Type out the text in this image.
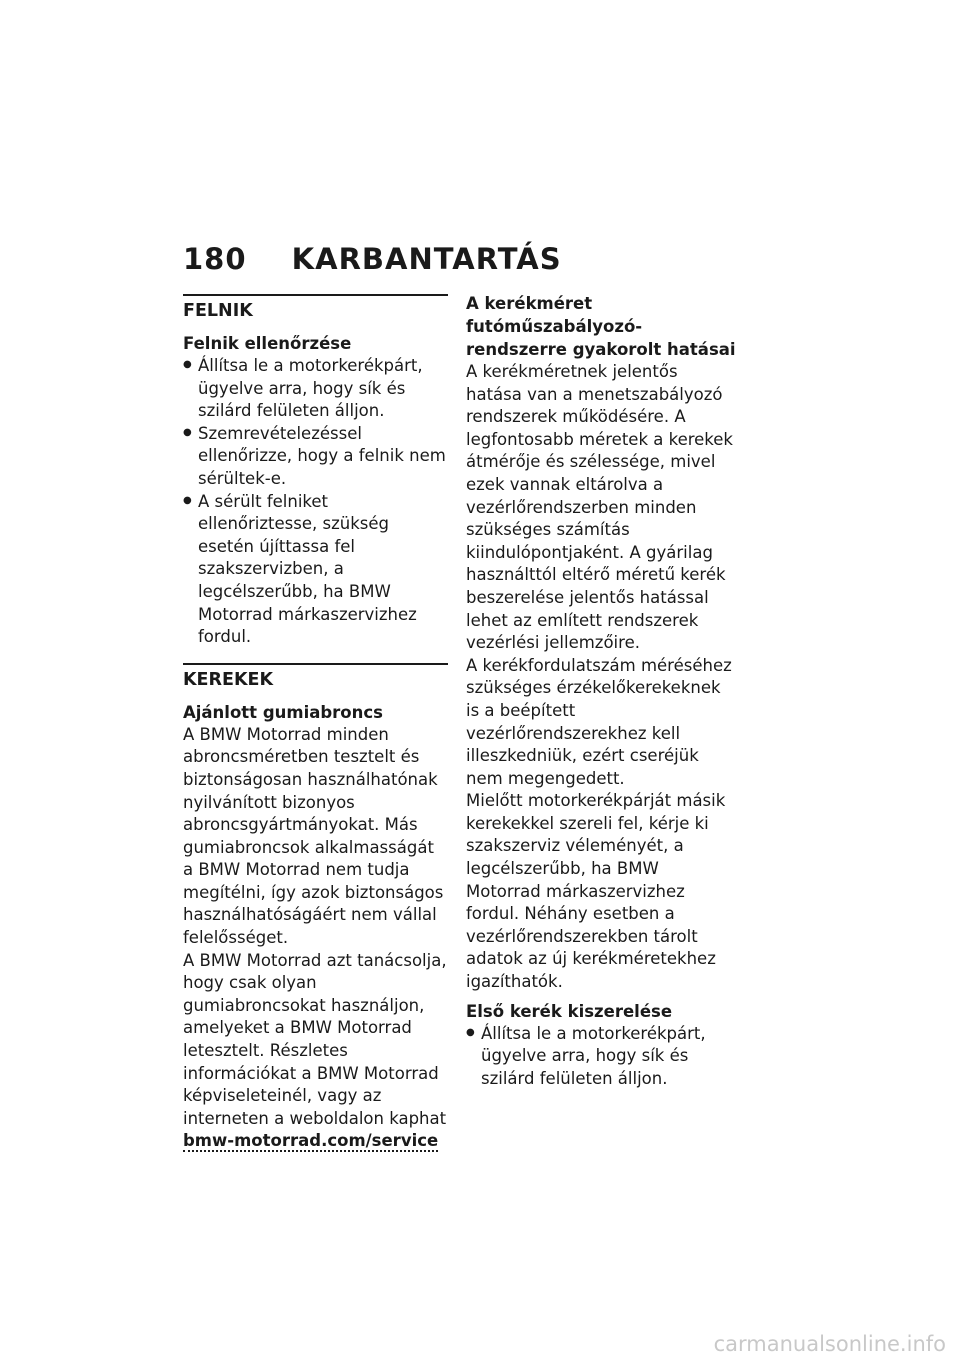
180 KARBANTARTÁS
FELNIK
Felnik ellenőrzése
● Állítsa le a motorkerékpárt, ügyelve arra, hogy sík és szilárd felületen álljon.
● Szemrevételezéssel ellenőrizze, hogy a felnik nem sérültek-e.
● A sérült felniket ellenőriztesse, szükség esetén újíttassa fel szakszervizben, a legcélszerűbb, ha BMW Motorrad márkaszervizhez fordul.
KEREKEK
Ajánlott gumiabroncs

A BMW Motorrad minden abroncsméretben tesztelt és biztonságosan használhatónak nyilvánított bizonyos abroncsgyártmányokat. Más gumiabroncsok alkalmasságát a BMW Motorrad nem tudja megítélni, így azok biztonságos használhatóságáért nem vállal felelősséget.

A BMW Motorrad azt tanácsolja, hogy csak olyan gumiabroncsokat használjon, amelyeket a BMW Motorrad letesztelt. Részletes információkat a BMW Motorrad képviseleteinél, vagy az interneten a weboldalon kaphat

bmw-motorrad.com/service
A kerékméret futóműszabályozó-rendszerre gyakorolt hatásai

A kerékméretnek jelentős hatása van a menetszabályozó rendszerek működésére. A legfontosabb méretek a kerekek átmérője és szélessége, mivel ezek vannak eltárolva a vezérlőrendszerben minden szükséges számítás kiindulópontjaként. A gyárilag használttól eltérő méretű kerék beszerelése jelentős hatással lehet az említett rendszerek vezérlési jellemzőire.

A kerékfordulatszám méréséhez szükséges érzékelőkerekeknek is a beépített vezérlőrendszerekhez kell illeszkedniük, ezért cseréjük nem megengedett.

Mielőtt motorkerékpárját másik kerekekkel szereli fel, kérje ki szakszerviz véleményét, a legcélszerűbb, ha BMW Motorrad márkaszervizhez fordul. Néhány esetben a vezérlőrendszerekben tárolt adatok az új kerékméretekhez igazíthatók.

Első kerék kiszerelése
● Állítsa le a motorkerékpárt, ügyelve arra, hogy sík és szilárd felületen álljon.
carmanualsonline.info
